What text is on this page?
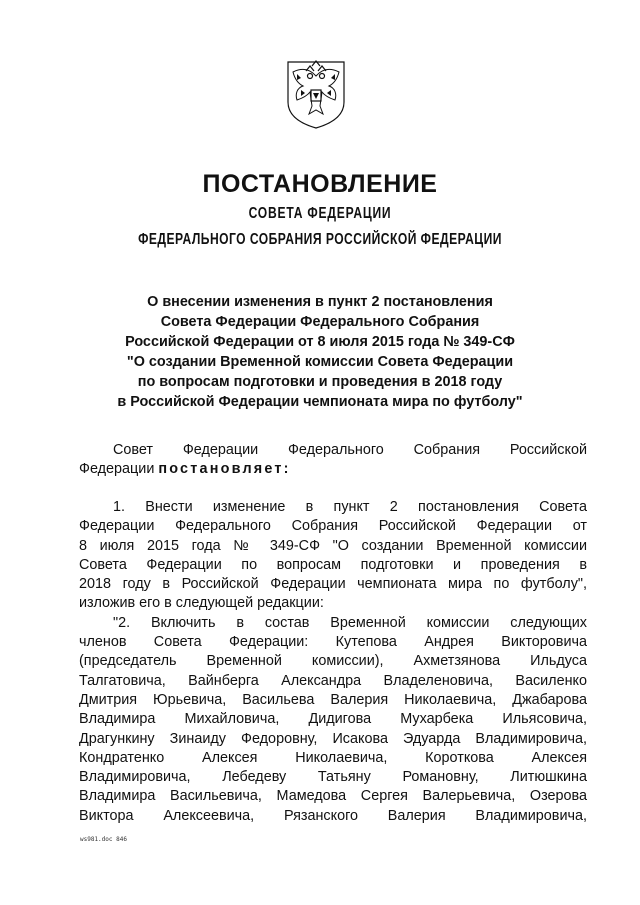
ПОСТАНОВЛЕНИЕ
СОВЕТА ФЕДЕРАЦИИ
ФЕДЕРАЛЬНОГО СОБРАНИЯ РОССИЙСКОЙ ФЕДЕРАЦИИ
О внесении изменения в пункт 2 постановления
Совета Федерации Федерального Собрания
Российской Федерации от 8 июля 2015 года № 349-СФ
"О создании Временной комиссии Совета Федерации
по вопросам подготовки и проведения в 2018 году
в Российской Федерации чемпионата мира по футболу"
Совет Федерации Федерального Собрания Российской
Федерации постановляет:
1. Внести изменение в пункт 2 постановления Совета
Федерации Федерального Собрания Российской Федерации от
8 июля 2015 года № 349-СФ "О создании Временной комиссии
Совета Федерации по вопросам подготовки и проведения в
2018 году в Российской Федерации чемпионата мира по футболу",
изложив его в следующей редакции:
"2. Включить в состав Временной комиссии следующих
членов Совета Федерации: Кутепова Андрея Викторовича
(председатель Временной комиссии), Ахметзянова Ильдуса
Талгатовича, Вайнберга Александра Владеленовича, Василенко
Дмитрия Юрьевича, Васильева Валерия Николаевича, Джабарова
Владимира Михайловича, Дидигова Мухарбека Ильясовича,
Драгункину Зинаиду Федоровну, Исакова Эдуарда Владимировича,
Кондратенко Алексея Николаевича, Короткова Алексея
Владимировича, Лебедеву Татьяну Романовну, Литюшкина
Владимира Васильевича, Мамедова Сергея Валерьевича, Озерова
Виктора Алексеевича, Рязанского Валерия Владимировича,
ws981.doc 846
